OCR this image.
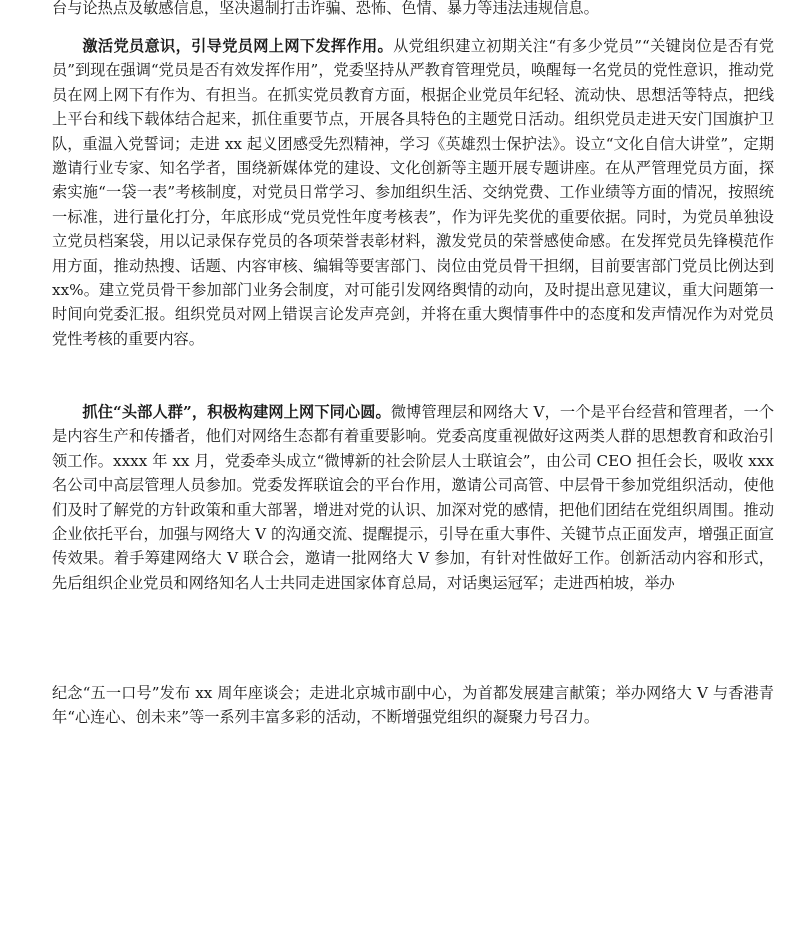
台与论热点及敏感信息，坚决遏制打击诈骗、恐怖、色情、暴力等违法违规信息。

激活党员意识，引导党员网上网下发挥作用。从党组织建立初期关注“有多少党员”“关键岗位是否有党员”到现在强调“党员是否有效发挥作用”，党委坚持从严教育管理党员，唤醒每一名党员的党性意识，推动党员在网上网下有作为、有担当。在抓实党员教育方面，根据企业党员年纪轻、流动快、思想活等特点，把线上平台和线下载体结合起来，抓住重要节点，开展各具特色的主题党日活动。组织党员走进天安门国旗护卫队，重温入党誓词；走进 xx 起义团感受先烈精神，学习《英雄烈士保护法》。设立“文化自信大讲堂”，定期邀请行业专家、知名学者，围绕新媒体党的建设、文化创新等主题开展专题讲座。在从严管理党员方面，探索实施“一袋一表”考核制度，对党员日常学习、参加组织生活、交纳党费、工作业绩等方面的情况，按照统一标准，进行量化打分，年底形成“党员党性年度考核表”，作为评先奖优的重要依据。同时，为党员单独设立党员档案袋，用以记录保存党员的各项荣誉表彰材料，激发党员的荣誉感使命感。在发挥党员先锋模范作用方面，推动热搜、话题、内容审核、编辑等要害部门、岗位由党员骨干担纲，目前要害部门党员比例达到 xx%。建立党员骨干参加部门业务会制度，对可能引发网络舆情的动向，及时提出意见建议，重大问题第一时间向党委汇报。组织党员对网上错误言论发声亮剑，并将在重大舆情事件中的态度和发声情况作为对党员党性考核的重要内容。

抓住“头部人群”，积极构建网上网下同心圆。微博管理层和网络大 V，一个是平台经营和管理者，一个是内容生产和传播者，他们对网络生态都有着重要影响。党委高度重视做好这两类人群的思想教育和政治引领工作。xxxx 年 xx 月，党委牵头成立“微博新的社会阶层人士联谊会”，由公司 CEO 担任会长，吸收 xxx 名公司中高层管理人员参加。党委发挥联谊会的平台作用，邀请公司高管、中层骨干参加党组织活动，使他们及时了解党的方针政策和重大部署，增进对党的认识、加深对党的感情，把他们团结在党组织周围。推动企业依托平台，加强与网络大 V 的沟通交流、提醒提示，引导在重大事件、关键节点正面发声，增强正面宣传效果。着手筹建网络大 V 联合会，邀请一批网络大 V 参加，有针对性做好工作。创新活动内容和形式，先后组织企业党员和网络知名人士共同走进国家体育总局，对话奥运冠军；走进西柏坡，举办

纪念“五一口号”发布 xx 周年座谈会；走进北京城市副中心，为首都发展建言献策；举办网络大 V 与香港青年“心连心、创未来”等一系列丰富多彩的活动，不断增强党组织的凝聚力号召力。
